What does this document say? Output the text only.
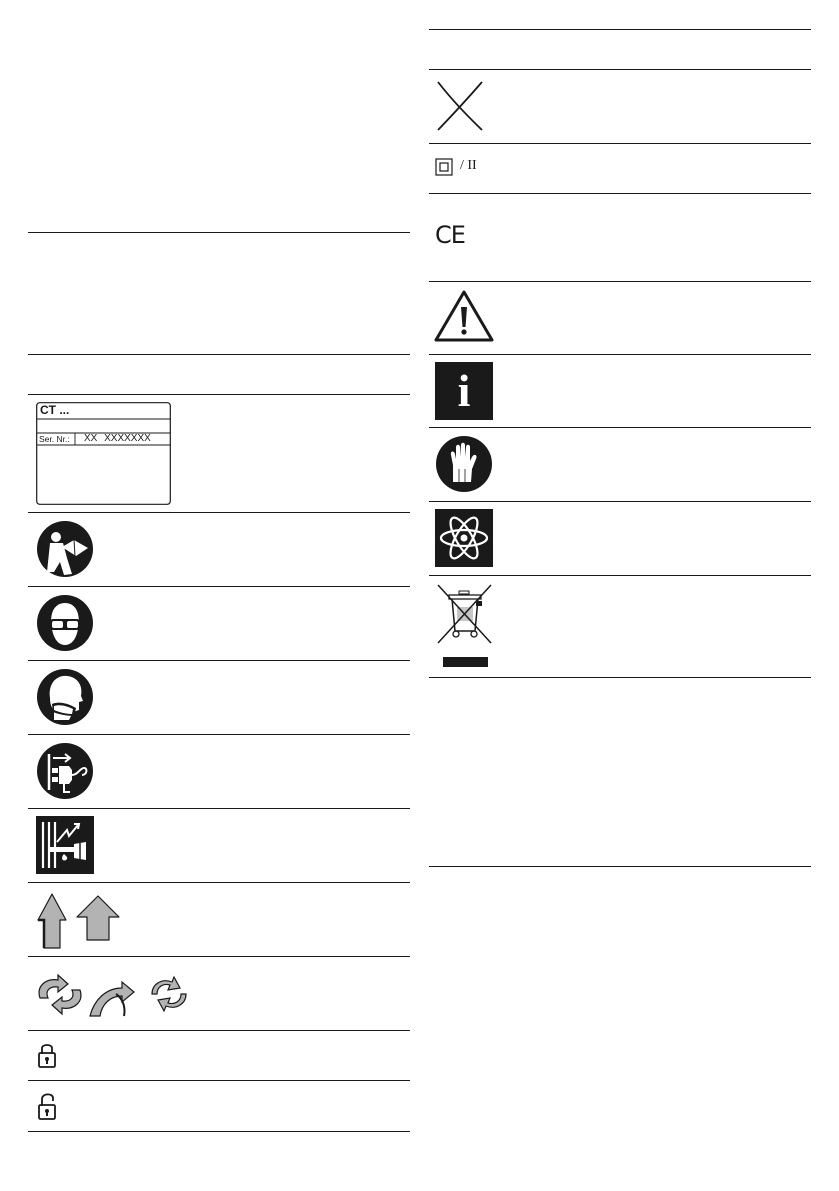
CT ...
Ser. Nr.: XX XXXXXXX
/ II
CE
i
